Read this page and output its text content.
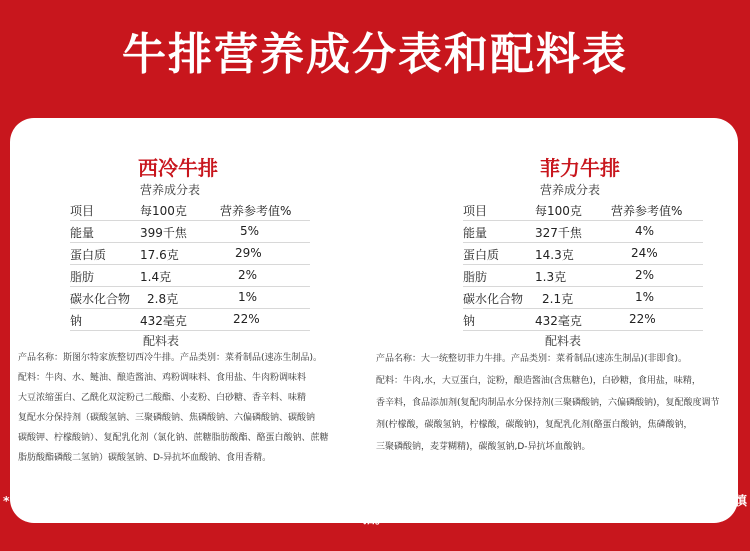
牛排营养成分表和配料表
西冷牛排
营养成分表
项目	每100克	营养参考值%
能量	399千焦	5%
蛋白质	17.6克	29%
脂肪	1.4克	2%
碳水化合物 2.8克	1%
钠	432毫克	22%
配料表
产品名称：斯图尔特家族整切西冷牛排。产品类别：菜肴制品(速冻生制品)。
配料：牛肉、水、鲢油、酿造酱油、鸡粉调味料、食用盐、牛肉粉调味料
大豆浓缩蛋白、乙酰化双淀粉己二酸酯、小麦粉、白砂糖、香辛料、味精
复配水分保持剂（碳酸氢钠、三聚磷酸钠、焦磷酸钠、六偏磷酸钠、碳酸钠
碳酸钾、柠檬酸钠）、复配乳化剂（氯化钠、蔗糖脂肪酸酯、酪蛋白酸钠、蔗糖
脂肪酸酯磷酸二氢钠）碳酸氢钠、D-异抗坏血酸钠、食用香精。
菲力牛排
营养成分表
项目	每100克 营养参考值%
能量	327千焦	4%
蛋白质	14.3克	24%
脂肪	1.3克	2%
碳水化合物 2.1克	1%
钠	432毫克	22%
配料表
产品名称：大一统整切菲力牛排。产品类别：菜肴制品(速冻生制品)(非即食)。
配料：牛肉,水，大豆蛋白，淀粉，酿造酱油(含焦糖色)，白砂糖，食用盐，味精，
香辛料，食品添加剂(复配肉制品水分保持剂(三聚磷酸钠，六偏磷酸钠)，复配酸度调节
剂(柠檬酸，碳酸氢钠，柠檬酸，碳酸钠)，复配乳化剂(酪蛋白酸钠，焦磷酸钠，
三聚磷酸钠，麦芽糊精)，碳酸氢钠,D-异抗坏血酸钠。
*：因商品存在多个供应商供货和可能涉及到新旧交替发货，营养成分表和配料表信息会存在稍微差异，请已收到实物为准！如有介意慎拍。
